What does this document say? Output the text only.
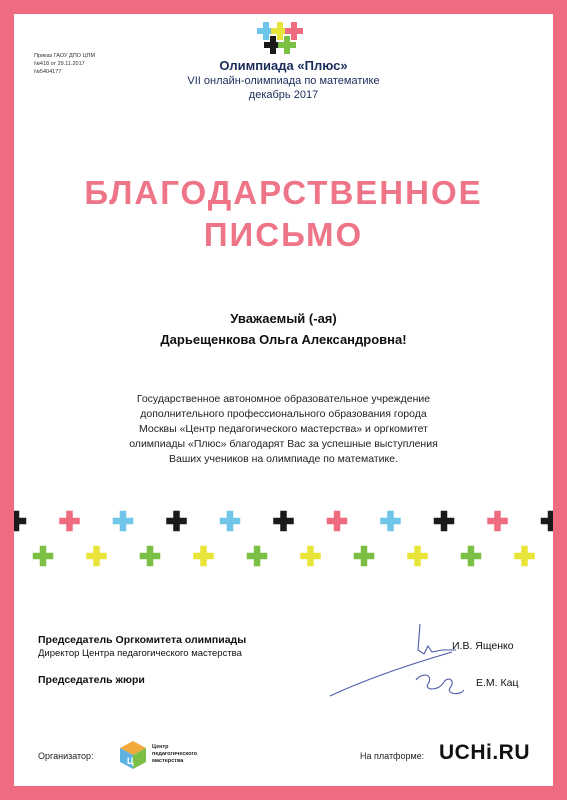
Приказ ГАОУ ДПО ЦПМ
№418 от 29.11.2017
№5404177	Олимпиада «Плюс»
VII онлайн-олимпиада по математике
декабрь 2017
БЛАГОДАРСТВЕННОЕ
ПИСЬМО
Уважаемый (-ая)
Дарьещенкова Ольга Александровна!
Государственное автономное образовательное учреждение
дополнительного профессионального образования города
Москвы «Центр педагогического мастерства» и оргкомитет
олимпиады «Плюс» благодарят Вас за успешные выступления
Ваших учеников на олимпиаде по математике.
Председатель Оргкомитета олимпиады
Директор Центра педагогического мастерства
Председатель жюри
И.В. Ященко
Е.М. Кац
Организатор:	Ц
Центр
педагогического
мастерства	На платформе: UCHi.RU
